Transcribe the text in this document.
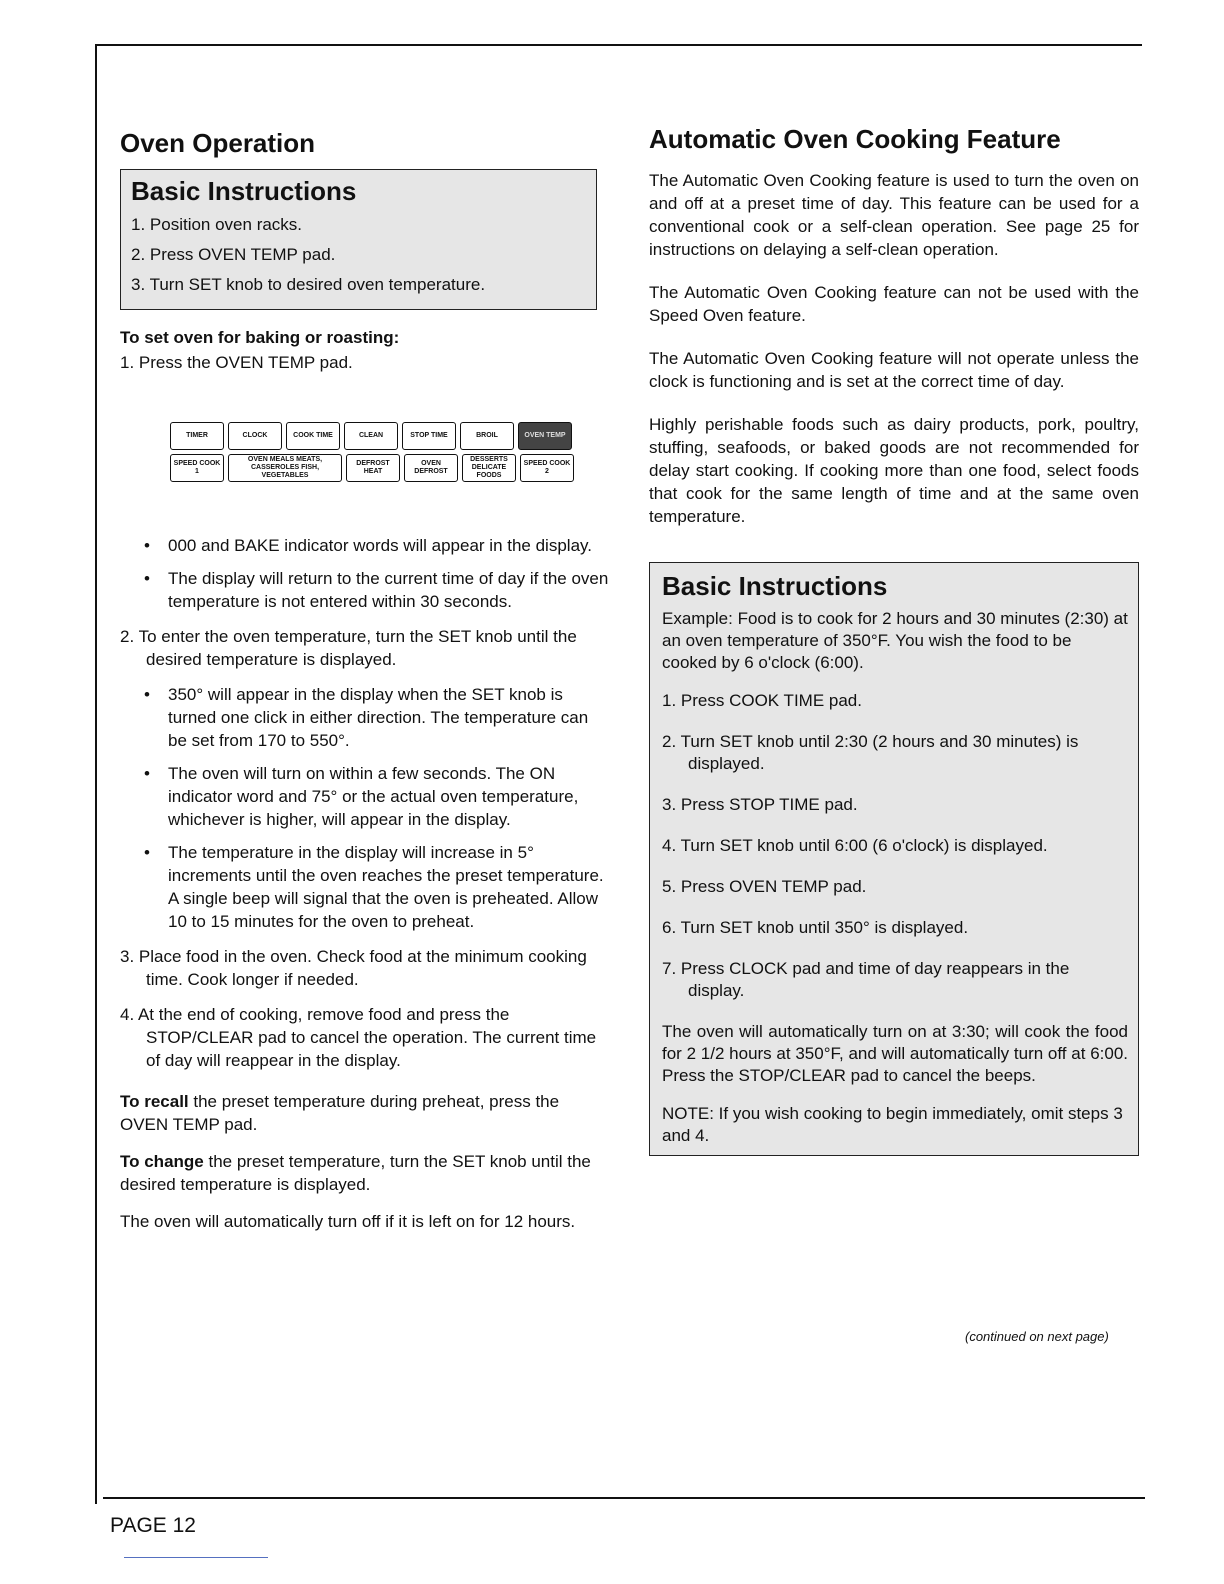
Oven Operation
Basic Instructions
1. Position oven racks.
2. Press OVEN TEMP pad.
3. Turn SET knob to desired oven temperature.

To set oven for baking or roasting:

1. Press the OVEN TEMP pad.

TIMER	CLOCK	COOK TIME	CLEAN	STOP TIME	BROIL	OVEN TEMP
SPEED COOK 1
OVEN MEALS MEATS, CASSEROLES FISH, VEGETABLES
DEFROST HEAT
OVEN DEFROST
DESSERTS DELICATE FOODS
SPEED COOK 2
• 000 and BAKE indicator words will appear in the display.
• The display will return to the current time of day if the oven temperature is not entered within 30 seconds.
2. To enter the oven temperature, turn the SET knob until the desired temperature is displayed.
• 350° will appear in the display when the SET knob is turned one click in either direction. The temperature can be set from 170 to 550°.
• The oven will turn on within a few seconds. The ON indicator word and 75° or the actual oven temperature, whichever is higher, will appear in the display.
• The temperature in the display will increase in 5° increments until the oven reaches the preset temperature. A single beep will signal that the oven is preheated. Allow 10 to 15 minutes for the oven to preheat.
3. Place food in the oven. Check food at the minimum cooking time. Cook longer if needed.
4. At the end of cooking, remove food and press the STOP/CLEAR pad to cancel the operation. The current time of day will reappear in the display.

To recall the preset temperature during preheat, press the OVEN TEMP pad.

To change the preset temperature, turn the SET knob until the desired temperature is displayed.

The oven will automatically turn off if it is left on for 12 hours.

Automatic Oven Cooking Feature

The Automatic Oven Cooking feature is used to turn the oven on and off at a preset time of day. This feature can be used for a conventional cook or a self-clean operation. See page 25 for instructions on delaying a self-clean operation.

The Automatic Oven Cooking feature can not be used with the Speed Oven feature.

The Automatic Oven Cooking feature will not operate unless the clock is functioning and is set at the correct time of day.

Highly perishable foods such as dairy products, pork, poultry, stuffing, seafoods, or baked goods are not recommended for delay start cooking. If cooking more than one food, select foods that cook for the same length of time and at the same oven temperature.

Basic Instructions
Example: Food is to cook for 2 hours and 30 minutes (2:30) at an oven temperature of 350°F. You wish the food to be cooked by 6 o'clock (6:00).
1. Press COOK TIME pad.
2. Turn SET knob until 2:30 (2 hours and 30 minutes) is displayed.
3. Press STOP TIME pad.
4. Turn SET knob until 6:00 (6 o'clock) is displayed.
5. Press OVEN TEMP pad.
6. Turn SET knob until 350° is displayed.
7. Press CLOCK pad and time of day reappears in the display.
The oven will automatically turn on at 3:30; will cook the food for 2 1/2 hours at 350°F, and will automatically turn off at 6:00. Press the STOP/CLEAR pad to cancel the beeps.
NOTE: If you wish cooking to begin immediately, omit steps 3 and 4.
(continued on next page)
PAGE 12
